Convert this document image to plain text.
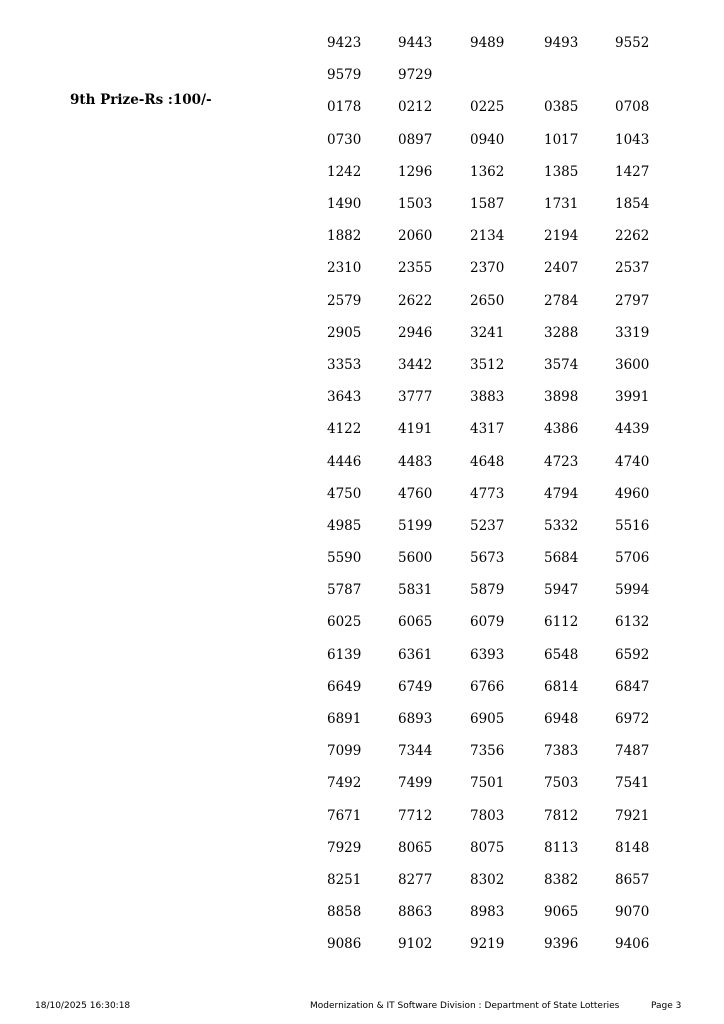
9th Prize-Rs :100/-
9423	9443	9489	9493	9552
9579	9729
0178	0212	0225	0385	0708
0730	0897	0940	1017	1043
1242	1296	1362	1385	1427
1490	1503	1587	1731	1854
1882	2060	2134	2194	2262
2310	2355	2370	2407	2537
2579	2622	2650	2784	2797
2905	2946	3241	3288	3319
3353	3442	3512	3574	3600
3643	3777	3883	3898	3991
4122	4191	4317	4386	4439
4446	4483	4648	4723	4740
4750	4760	4773	4794	4960
4985	5199	5237	5332	5516
5590	5600	5673	5684	5706
5787	5831	5879	5947	5994
6025	6065	6079	6112	6132
6139	6361	6393	6548	6592
6649	6749	6766	6814	6847
6891	6893	6905	6948	6972
7099	7344	7356	7383	7487
7492	7499	7501	7503	7541
7671	7712	7803	7812	7921
7929	8065	8075	8113	8148
8251	8277	8302	8382	8657
8858	8863	8983	9065	9070
9086	9102	9219	9396	9406
18/10/2025 16:30:18	Modernization & IT Software Division : Department of State Lotteries	Page 3
